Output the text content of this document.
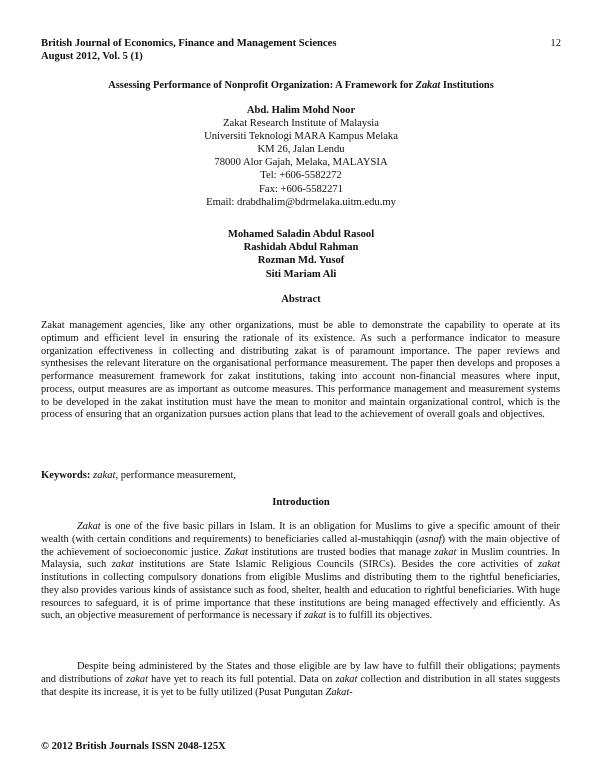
British Journal of Economics, Finance and Management Sciences
August 2012, Vol. 5 (1)
12
Assessing Performance of Nonprofit Organization: A Framework for Zakat Institutions
Abd. Halim Mohd Noor
Zakat Research Institute of Malaysia
Universiti Teknologi MARA Kampus Melaka
KM 26, Jalan Lendu
78000 Alor Gajah, Melaka, MALAYSIA
Tel: +606-5582272
Fax: +606-5582271
Email: drabdhalim@bdrmelaka.uitm.edu.my
Mohamed Saladin Abdul Rasool
Rashidah Abdul Rahman
Rozman Md. Yusof
Siti Mariam Ali
Abstract
Zakat management agencies, like any other organizations, must be able to demonstrate the capability to operate at its optimum and efficient level in ensuring the rationale of its existence. As such a performance indicator to measure organization effectiveness in collecting and distributing zakat is of paramount importance. The paper reviews and synthesises the relevant literature on the organisational performance measurement. The paper then develops and proposes a performance measurement framework for zakat institutions, taking into account non-financial measures where input, process, output measures are as important as outcome measures. This performance management and measurement systems to be developed in the zakat institution must have the mean to monitor and maintain organizational control, which is the process of ensuring that an organization pursues action plans that lead to the achievement of overall goals and objectives.
Keywords: zakat, performance measurement,
Introduction
Zakat is one of the five basic pillars in Islam. It is an obligation for Muslims to give a specific amount of their wealth (with certain conditions and requirements) to beneficiaries called al-mustahiqqin (asnaf) with the main objective of the achievement of socioeconomic justice. Zakat institutions are trusted bodies that manage zakat in Muslim countries. In Malaysia, such zakat institutions are State Islamic Religious Councils (SIRCs). Besides the core activities of zakat institutions in collecting compulsory donations from eligible Muslims and distributing them to the rightful beneficiaries, they also provides various kinds of assistance such as food, shelter, health and education to rightful beneficiaries. With huge resources to safeguard, it is of prime importance that these institutions are being managed effectively and efficiently. As such, an objective measurement of performance is necessary if zakat is to fulfill its objectives.
Despite being administered by the States and those eligible are by law have to fulfill their obligations; payments and distributions of zakat have yet to reach its full potential. Data on zakat collection and distribution in all states suggests that despite its increase, it is yet to be fully utilized (Pusat Pungutan Zakat-
© 2012 British Journals ISSN 2048-125X
